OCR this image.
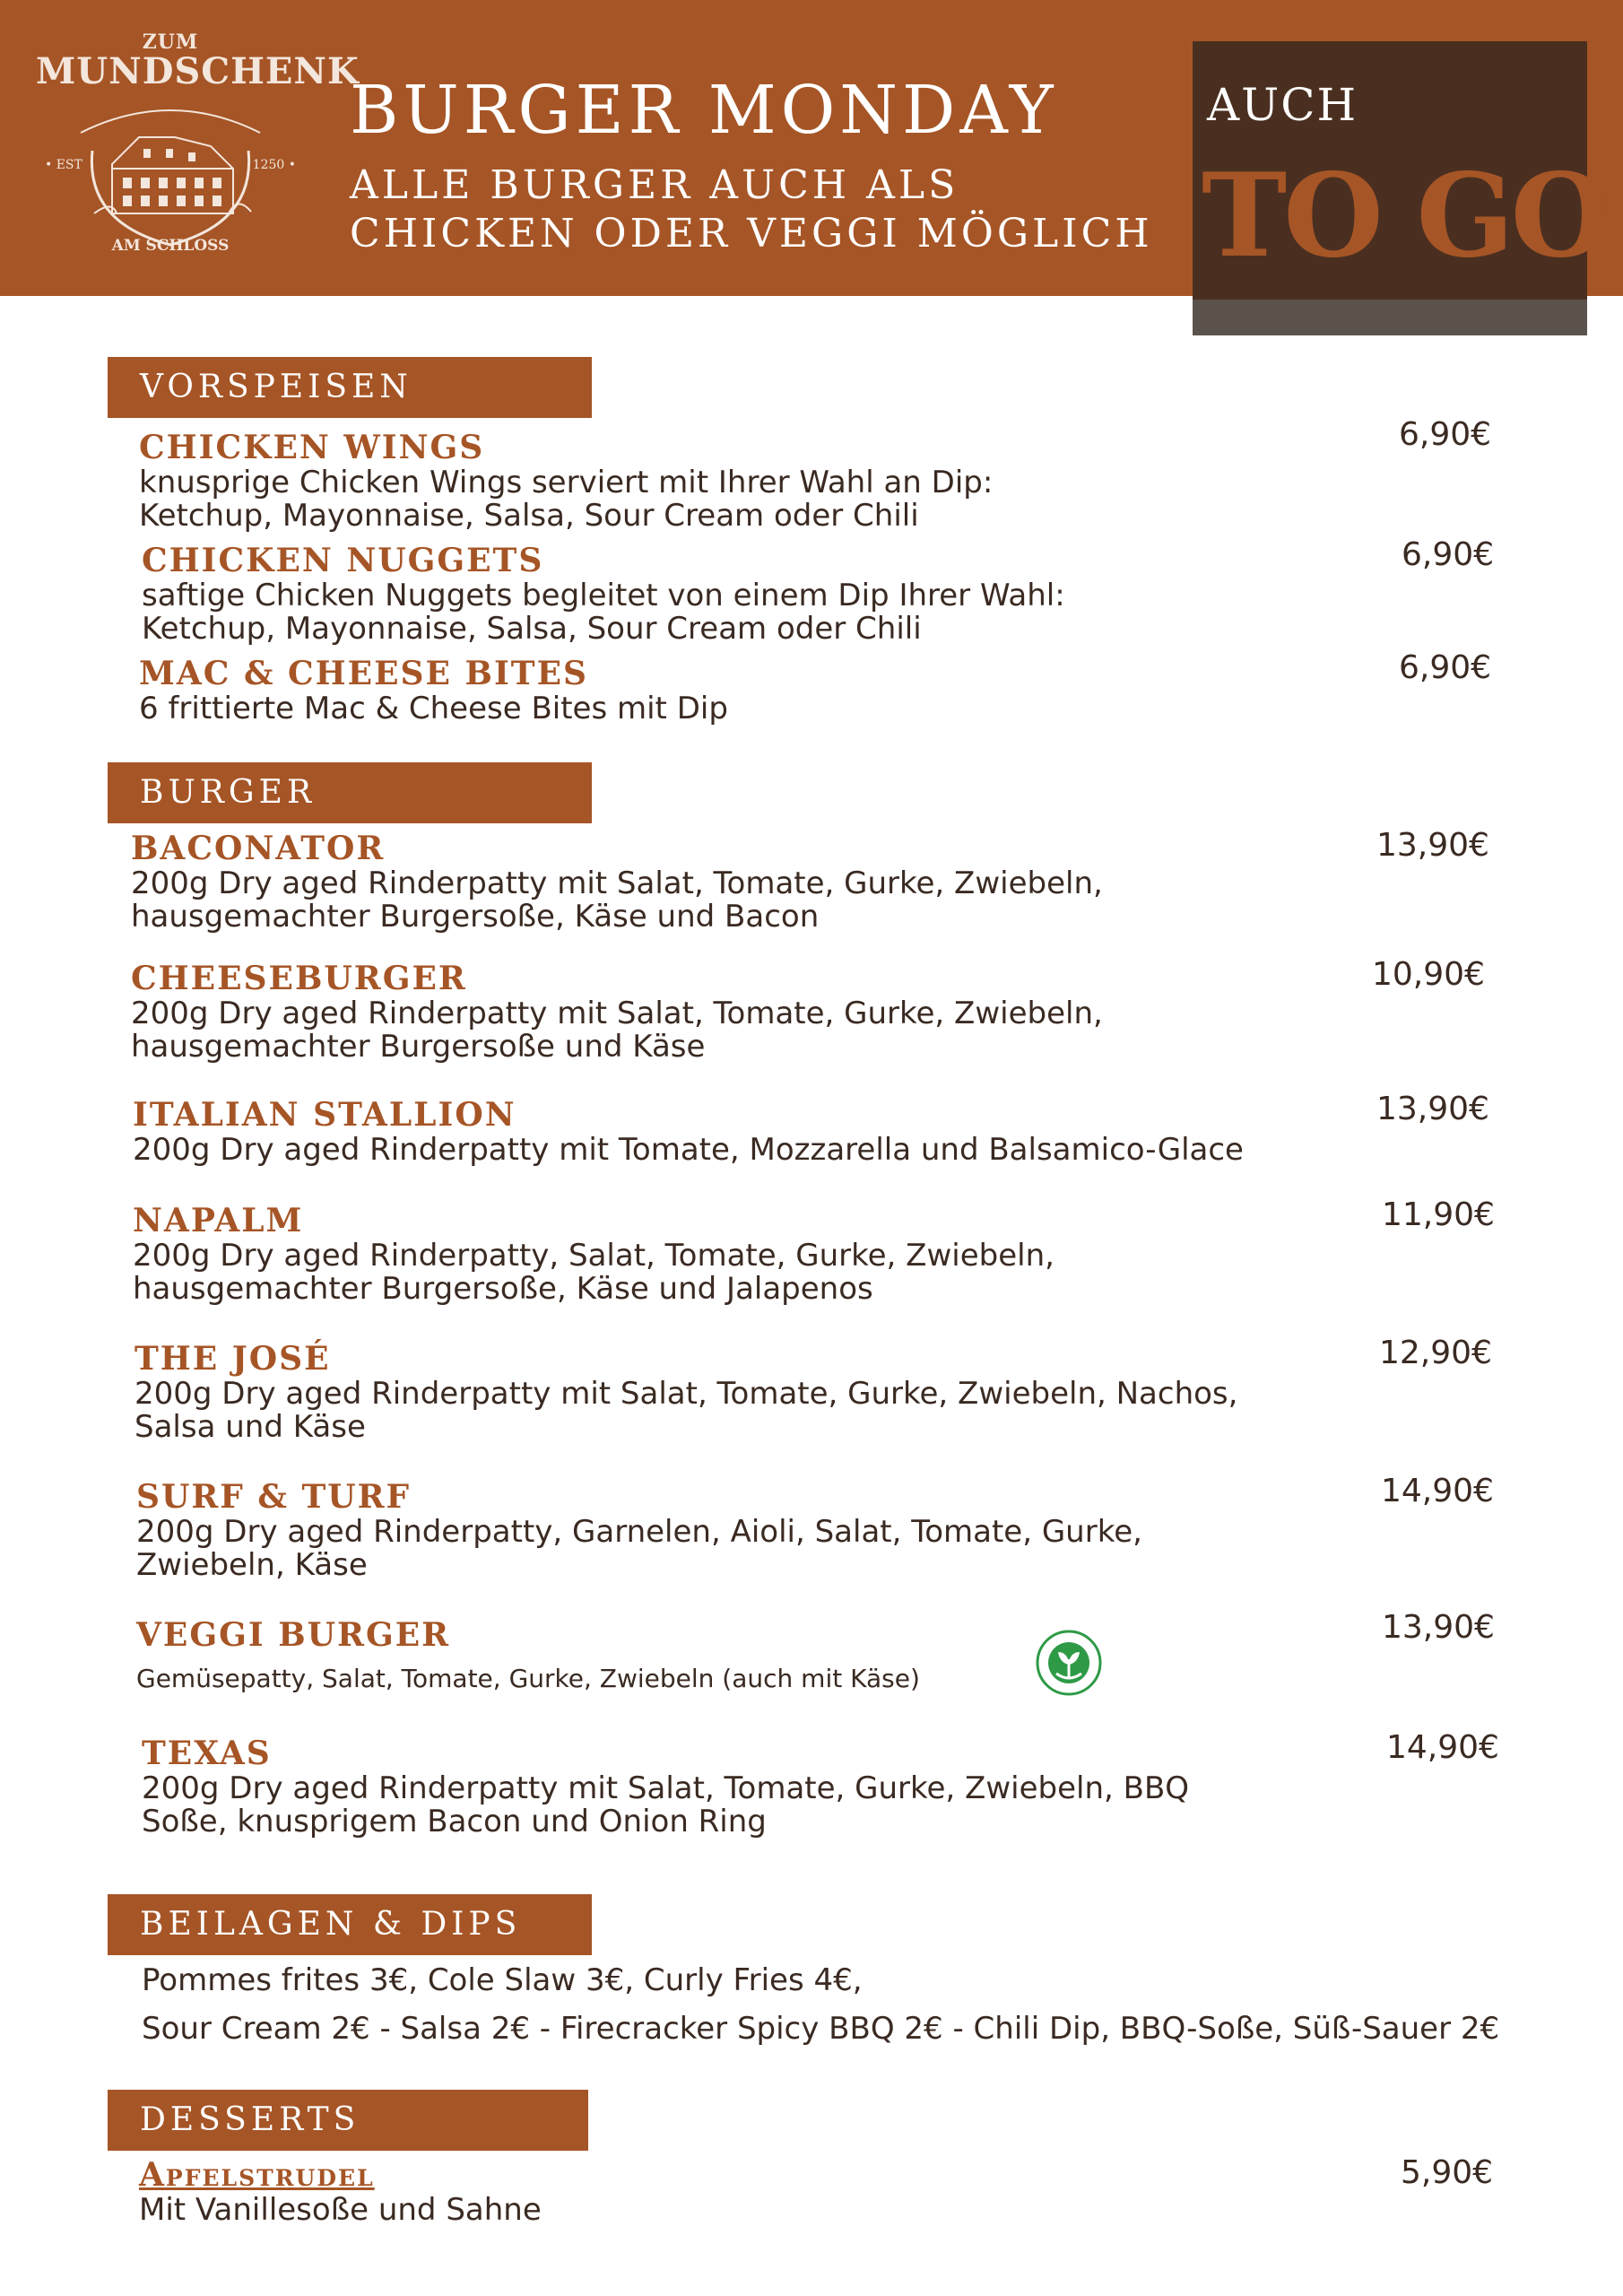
ZUM
MUNDSCHENK
• EST	1250 •
AM SCHLOSS
BURGER MONDAY
ALLE BURGER AUCH ALS
CHICKEN ODER VEGGI MÖGLICH
AUCH
TO GO
VORSPEISEN
CHICKEN WINGS
knusprige Chicken Wings serviert mit Ihrer Wahl an Dip:
Ketchup, Mayonnaise, Salsa, Sour Cream oder Chili
6,90€
CHICKEN NUGGETS
saftige Chicken Nuggets begleitet von einem Dip Ihrer Wahl:
Ketchup, Mayonnaise, Salsa, Sour Cream oder Chili
6,90€
MAC & CHEESE BITES
6 frittierte Mac & Cheese Bites mit Dip
6,90€
BURGER
BACONATOR
200g Dry aged Rinderpatty mit Salat, Tomate, Gurke, Zwiebeln,
hausgemachter Burgersoße, Käse und Bacon
13,90€
CHEESEBURGER
200g Dry aged Rinderpatty mit Salat, Tomate, Gurke, Zwiebeln,
hausgemachter Burgersoße und Käse
10,90€
ITALIAN STALLION
200g Dry aged Rinderpatty mit Tomate, Mozzarella und Balsamico-Glace
13,90€
NAPALM
200g Dry aged Rinderpatty, Salat, Tomate, Gurke, Zwiebeln,
hausgemachter Burgersoße, Käse und Jalapenos
11,90€
THE JOSÉ
200g Dry aged Rinderpatty mit Salat, Tomate, Gurke, Zwiebeln, Nachos,
Salsa und Käse
12,90€
SURF & TURF
200g Dry aged Rinderpatty, Garnelen, Aioli, Salat, Tomate, Gurke,
Zwiebeln, Käse
14,90€
VEGGI BURGER
Gemüsepatty, Salat, Tomate, Gurke, Zwiebeln (auch mit Käse)
13,90€
TEXAS
200g Dry aged Rinderpatty mit Salat, Tomate, Gurke, Zwiebeln, BBQ
Soße, knusprigem Bacon und Onion Ring
14,90€
BEILAGEN & DIPS
Pommes frites 3€, Cole Slaw 3€, Curly Fries 4€,
Sour Cream 2€ - Salsa 2€ - Firecracker Spicy BBQ 2€ - Chili Dip, BBQ-Soße, Süß-Sauer 2€
DESSERTS
Apfelstrudel
Mit Vanillesoße und Sahne
5,90€
